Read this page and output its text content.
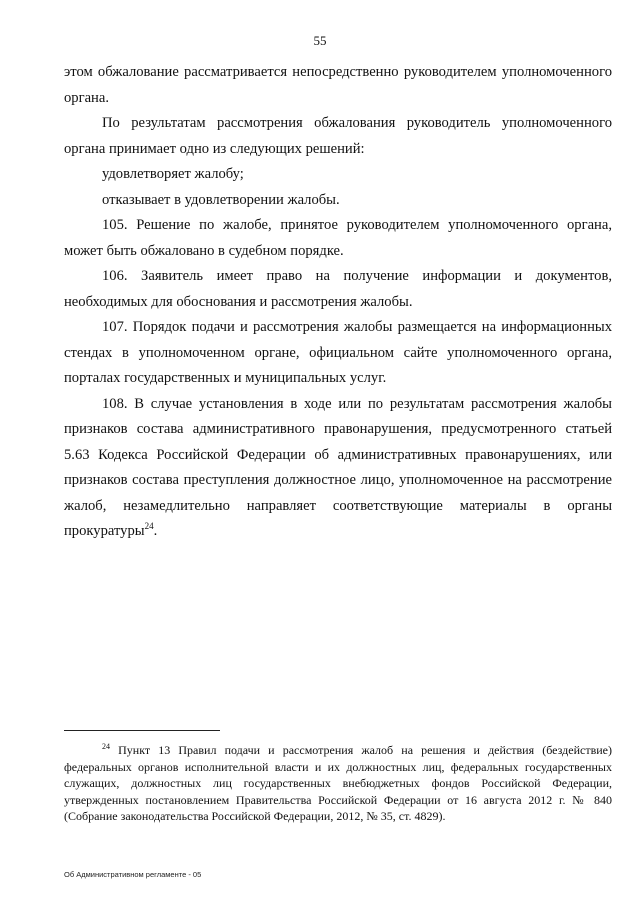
55

этом обжалование рассматривается непосредственно руководителем уполномоченного органа.

По результатам рассмотрения обжалования руководитель уполномоченного органа принимает одно из следующих решений:

удовлетворяет жалобу;

отказывает в удовлетворении жалобы.

105. Решение по жалобе, принятое руководителем уполномоченного органа, может быть обжаловано в судебном порядке.

106. Заявитель имеет право на получение информации и документов, необходимых для обоснования и рассмотрения жалобы.

107. Порядок подачи и рассмотрения жалобы размещается на информационных стендах в уполномоченном органе, официальном сайте уполномоченного органа, порталах государственных и муниципальных услуг.

108. В случае установления в ходе или по результатам рассмотрения жалобы признаков состава административного правонарушения, предусмотренного статьей 5.63 Кодекса Российской Федерации об административных правонарушениях, или признаков состава преступления должностное лицо, уполномоченное на рассмотрение жалоб, незамедлительно направляет соответствующие материалы в органы прокуратуры$^{24}$.

$^{24}$ Пункт 13 Правил подачи и рассмотрения жалоб на решения и действия (бездействие) федеральных органов исполнительной власти и их должностных лиц, федеральных государственных служащих, должностных лиц государственных внебюджетных фондов Российской Федерации, утвержденных постановлением Правительства Российской Федерации от 16 августа 2012 г. № 840 (Собрание законодательства Российской Федерации, 2012, № 35, ст. 4829).

Об Административном регламенте - 05
